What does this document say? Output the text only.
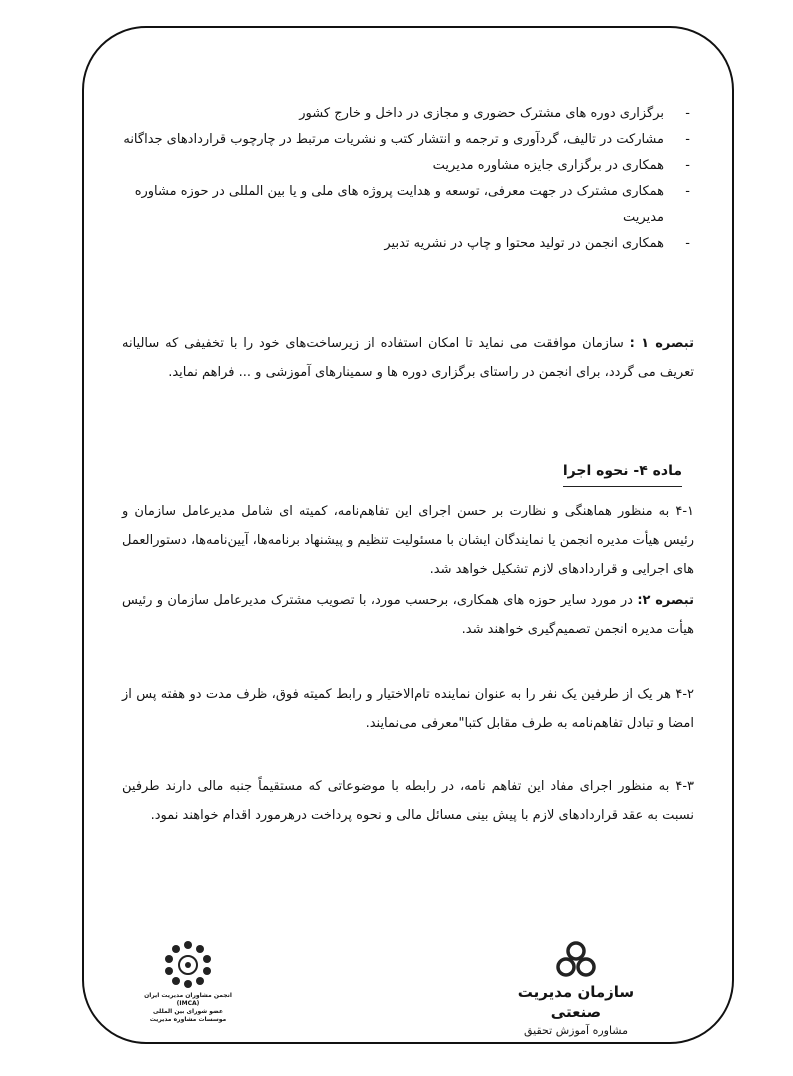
- برگزاری دوره های مشترک حضوری و مجازی در داخل و خارج کشور
- مشارکت در تالیف، گردآوری و ترجمه و انتشار کتب و نشریات مرتبط در چارچوب قراردادهای جداگانه
- همکاری در برگزاری جایزه مشاوره مدیریت
- همکاری مشترک در جهت معرفی، توسعه و هدایت پروژه های ملی و یا بین المللی در حوزه مشاوره مدیریت
- همکاری انجمن در تولید محتوا و چاپ در نشریه تدبیر

تبصره ۱ : سازمان موافقت می نماید تا امکان استفاده از زیرساخت‌های خود را با تخفیفی که سالیانه تعریف می گردد، برای انجمن در راستای برگزاری دوره ها و سمینارهای آموزشی و ... فراهم نماید.

۴-۱ به منظور هماهنگی و نظارت بر حسن اجرای این تفاهم‌نامه، کمیته ای شامل مدیرعامل سازمان و رئیس هیأت مدیره انجمن یا نمایندگان ایشان با مسئولیت تنظیم و پیشنهاد برنامه‌ها، آیین‌نامه‌ها، دستورالعمل های اجرایی و قراردادهای لازم تشکیل خواهد شد.

تبصره ۲: در مورد سایر حوزه های همکاری، برحسب مورد، با تصویب مشترک مدیرعامل سازمان و رئیس هیأت مدیره انجمن تصمیم‌گیری خواهند شد.

۴-۲ هر یک از طرفین یک نفر را به عنوان نماینده تام‌الاختیار و رابط کمیته فوق، ظرف مدت دو هفته پس از امضا و تبادل تفاهم‌نامه به طرف مقابل کتبا"معرفی می‌نمایند.

۴-۳ به منظور اجرای مفاد این تفاهم نامه، در رابطه با موضوعاتی که مستقیماً جنبه مالی دارند طرفین نسبت به عقد قراردادهای لازم با پیش بینی مسائل مالی و نحوه پرداخت درهرمورد اقدام خواهند نمود.

ماده ۴- نحوه اجرا
سازمان مدیریت صنعتی
مشاوره آموزش تحقیق
انجمن مشاوران مدیریت ایران
(IMCA)
عضو شورای بین المللی موسسات مشاوره مدیریت
